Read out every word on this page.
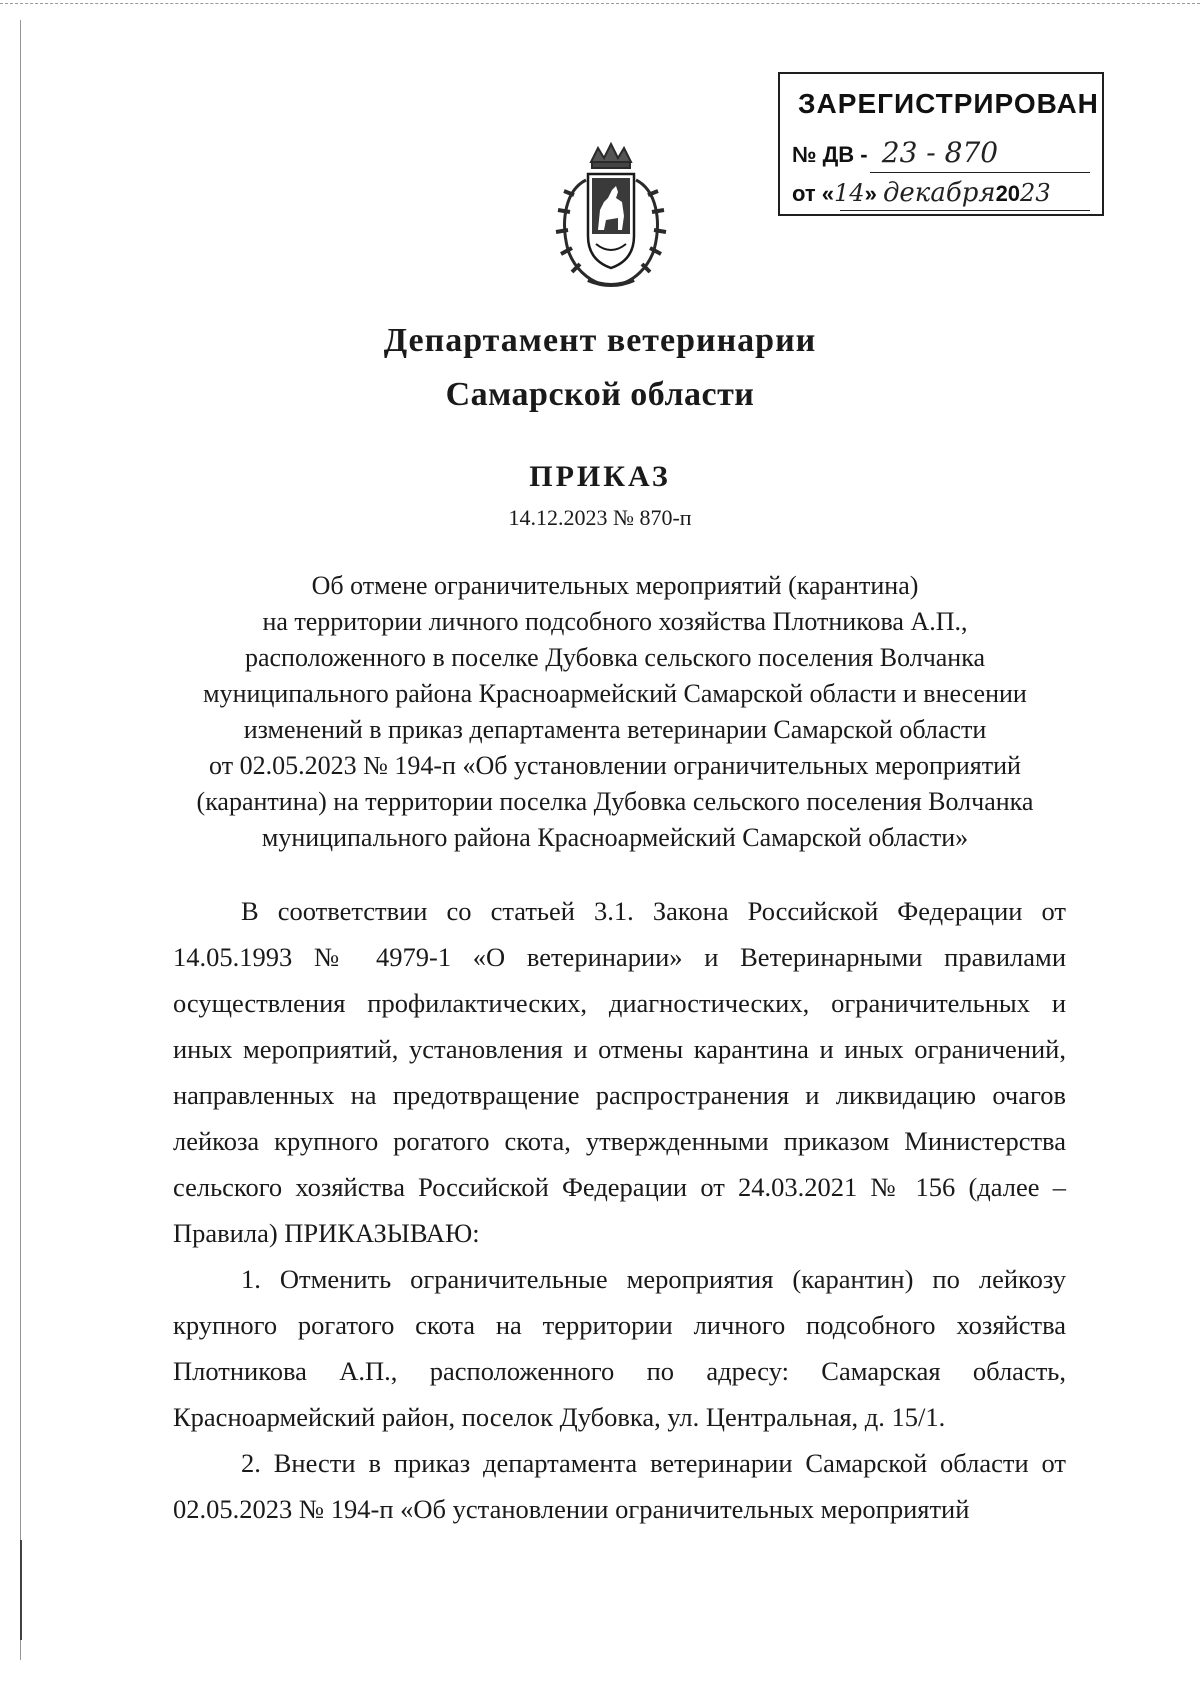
ЗАРЕГИСТРИРОВАН
№ ДВ - 23 - 870
от «14» декабря2023
Департамент ветеринарии
Самарской области
ПРИКАЗ
14.12.2023 № 870-п
Об отмене ограничительных мероприятий (карантина)
на территории личного подсобного хозяйства Плотникова А.П.,
расположенного в поселке Дубовка сельского поселения Волчанка
муниципального района Красноармейский Самарской области и внесении
изменений в приказ департамента ветеринарии Самарской области
от 02.05.2023 № 194-п «Об установлении ограничительных мероприятий
(карантина) на территории поселка Дубовка сельского поселения Волчанка
муниципального района Красноармейский Самарской области»

В соответствии со статьей 3.1. Закона Российской Федерации от 14.05.1993 № 4979-1 «О ветеринарии» и Ветеринарными правилами осуществления профилактических, диагностических, ограничительных и иных мероприятий, установления и отмены карантина и иных ограничений, направленных на предотвращение распространения и ликвидацию очагов лейкоза крупного рогатого скота, утвержденными приказом Министерства сельского хозяйства Российской Федерации от 24.03.2021 № 156 (далее – Правила) ПРИКАЗЫВАЮ:

1. Отменить ограничительные мероприятия (карантин) по лейкозу крупного рогатого скота на территории личного подсобного хозяйства Плотникова А.П., расположенного по адресу: Самарская область, Красноармейский район, поселок Дубовка, ул. Центральная, д. 15/1.

2. Внести в приказ департамента ветеринарии Самарской области от 02.05.2023 № 194-п «Об установлении ограничительных мероприятий
